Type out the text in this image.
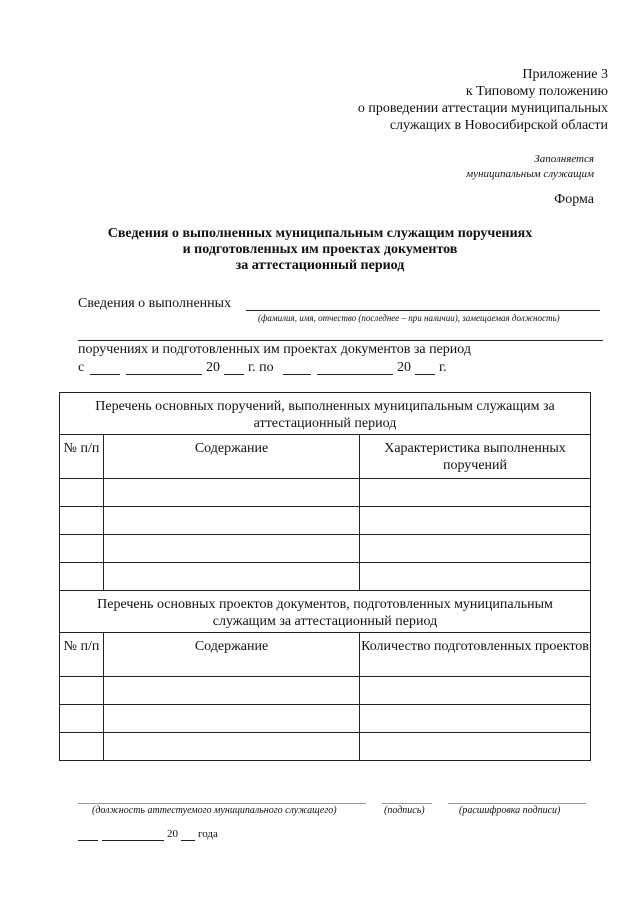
Приложение 3
к Типовому положению
о проведении аттестации муниципальных
служащих в Новосибирской области
Заполняется
муниципальным служащим
Форма
Сведения о выполненных муниципальным служащим поручениях
и подготовленных им проектах документов
за аттестационный период
Сведения о выполненных
(фамилия, имя, отчество (последнее – при наличии), замещаемая должность)
поручениях и подготовленных им проектах документов за период
с	20 г. по	20 г.
Перечень основных поручений, выполненных муниципальным служащим за аттестационный период		
№ п/п	Содержание	Характеристика выполненных поручений

Перечень основных проектов документов, подготовленных муниципальным служащим за аттестационный период		
№ п/п	Содержание	Количество подготовленных проектов

(должность аттестуемого муниципального служащего)	(подпись)	(расшифровка подписи)
20 года
